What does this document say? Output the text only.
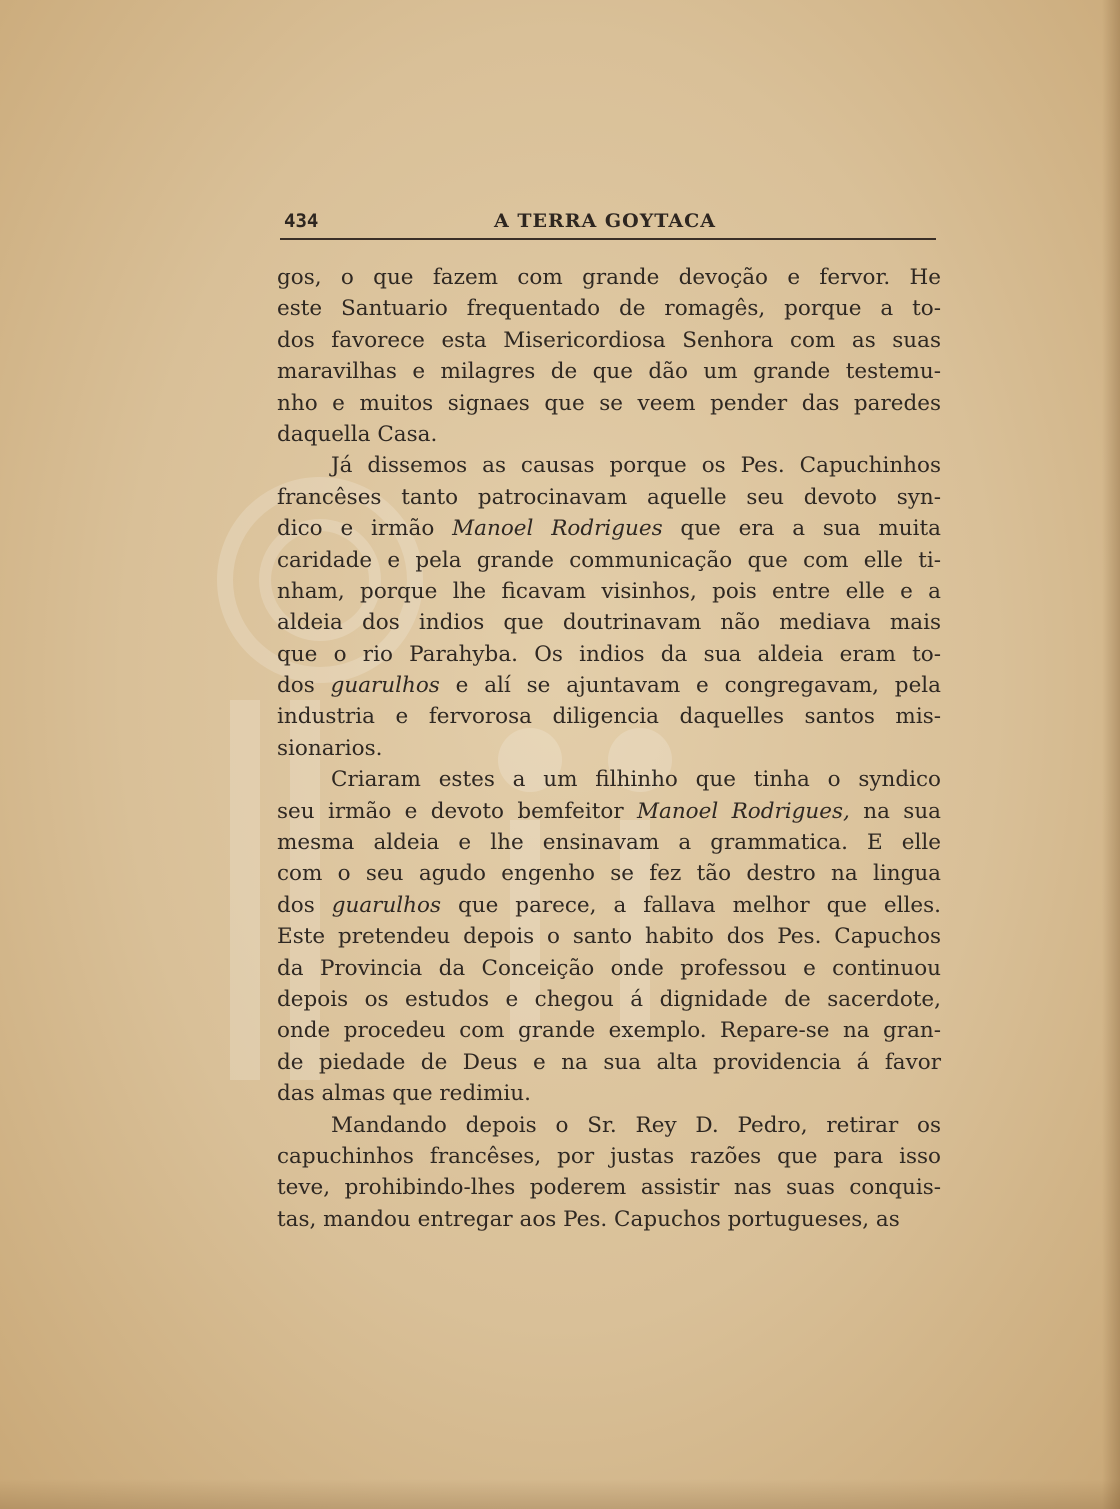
434	A TERRA GOYTACA
gos, o que fazem com grande devoção e fervor. He
este Santuario frequentado de romagês, porque a to-
dos favorece esta Misericordiosa Senhora com as suas
maravilhas e milagres de que dão um grande testemu-
nho e muitos signaes que se veem pender das paredes
daquella Casa.
Já dissemos as causas porque os Pes. Capuchinhos
francêses tanto patrocinavam aquelle seu devoto syn-
dico e irmão Manoel Rodrigues que era a sua muita
caridade e pela grande communicação que com elle ti-
nham, porque lhe ficavam visinhos, pois entre elle e a
aldeia dos indios que doutrinavam não mediava mais
que o rio Parahyba. Os indios da sua aldeia eram to-
dos guarulhos e alí se ajuntavam e congregavam, pela
industria e fervorosa diligencia daquelles santos mis-
sionarios.
Criaram estes a um filhinho que tinha o syndico
seu irmão e devoto bemfeitor Manoel Rodrigues, na sua
mesma aldeia e lhe ensinavam a grammatica. E elle
com o seu agudo engenho se fez tão destro na lingua
dos guarulhos que parece, a fallava melhor que elles.
Este pretendeu depois o santo habito dos Pes. Capuchos
da Provincia da Conceição onde professou e continuou
depois os estudos e chegou á dignidade de sacerdote,
onde procedeu com grande exemplo. Repare-se na gran-
de piedade de Deus e na sua alta providencia á favor
das almas que redimiu.
Mandando depois o Sr. Rey D. Pedro, retirar os
capuchinhos francêses, por justas razões que para isso
teve, prohibindo-lhes poderem assistir nas suas conquis-
tas, mandou entregar aos Pes. Capuchos portugueses, as
